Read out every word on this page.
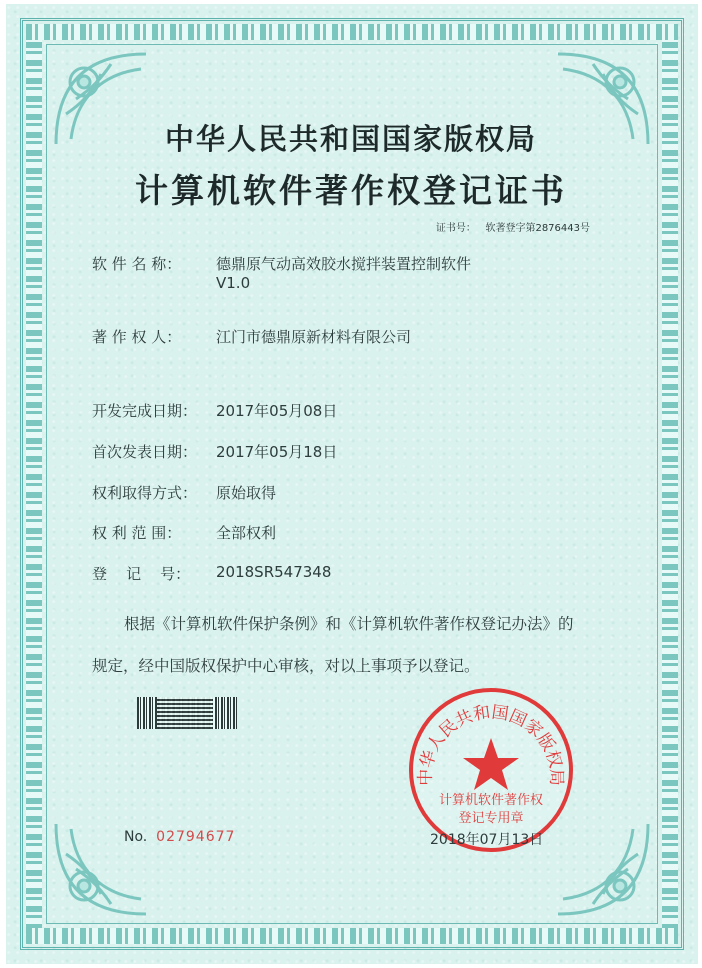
中华人民共和国国家版权局
计算机软件著作权登记证书
证书号： 软著登字第2876443号
软 件 名 称：	德鼎原气动高效胶水搅拌装置控制软件
V1.0
著 作 权 人：	江门市德鼎原新材料有限公司
开发完成日期：	2017年05月08日
首次发表日期：	2017年05月18日
权利取得方式：	原始取得
权 利 范 围：	全部权利
登    记    号：	2018SR547348
根据《计算机软件保护条例》和《计算机软件著作权登记办法》的
规定，经中国版权保护中心审核，对以上事项予以登记。
中华人民共和国国家版权局
计算机软件著作权
登记专用章
No. 02794677	2018年07月13日
